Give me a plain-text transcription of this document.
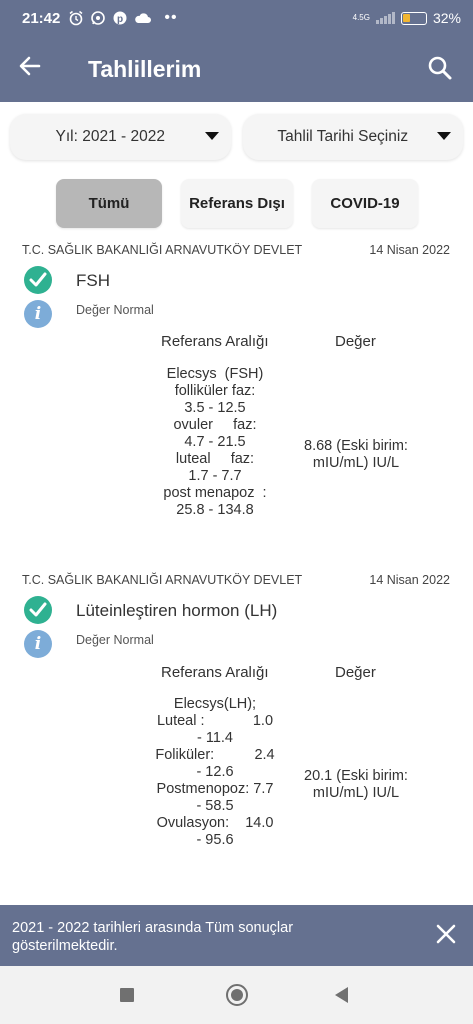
21:42	p	••	4.5G	32%
Tahlillerim
Yıl: 2021 - 2022	Tahlil Tarihi Seçiniz
Tümü	Referans Dışı	COVID-19
T.C. SAĞLIK BAKANLIĞI ARNAVUTKÖY DEVLET	14 Nisan 2022
FSH
i	Değer Normal
Referans Aralığı	Değer
Elecsys  (FSH)
folliküler faz:
3.5 - 12.5
ovuler     faz:
4.7 - 21.5
luteal     faz:
1.7 - 7.7
post menapoz  :
25.8 - 134.8
8.68 (Eski birim:
mIU/mL) IU/L
T.C. SAĞLIK BAKANLIĞI ARNAVUTKÖY DEVLET	14 Nisan 2022
Lüteinleştiren hormon (LH)
i	Değer Normal
Referans Aralığı	Değer
Elecsys(LH);
Luteal :            1.0
- 11.4
Foliküler:          2.4
- 12.6
Postmenopoz: 7.7
- 58.5
Ovulasyon:    14.0
- 95.6
20.1 (Eski birim:
mIU/mL) IU/L
2021 - 2022 tarihleri arasında Tüm sonuçlar gösterilmektedir.
